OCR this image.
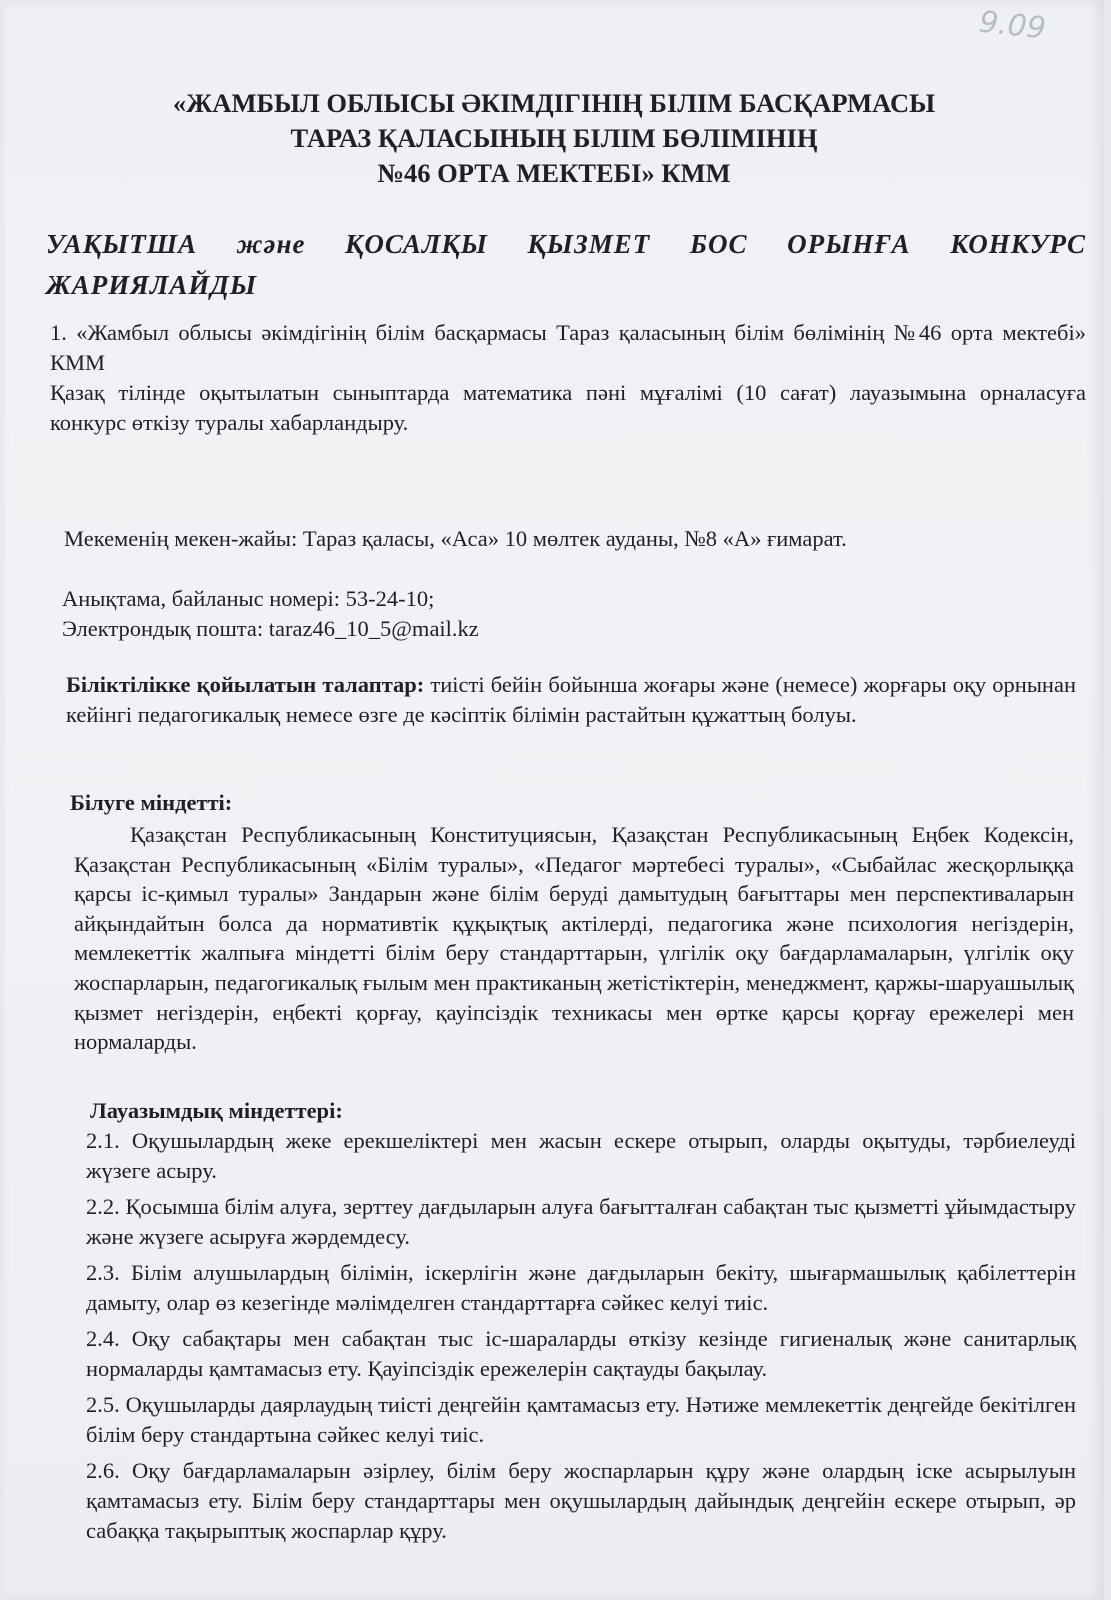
9.09
«ЖАМБЫЛ ОБЛЫСЫ ӘКІМДІГІНІҢ БІЛІМ БАСҚАРМАСЫ
ТАРАЗ ҚАЛАСЫНЫҢ БІЛІМ БӨЛІМІНІҢ
№46 ОРТА МЕКТЕБІ» КММ
УАҚЫТША және ҚОСАЛҚЫ ҚЫЗМЕТ БОС ОРЫНҒА КОНКУРС
ЖАРИЯЛАЙДЫ
1. «Жамбыл облысы әкімдігінің білім басқармасы Тараз қаласының білім бөлімінің №46 орта мектебі» КММ
Қазақ тілінде оқытылатын сыныптарда математика пәні мұғалімі (10 сағат) лауазымына орналасуға конкурс өткізу туралы хабарландыру.
Мекеменің мекен-жайы: Тараз қаласы, «Аса» 10 мөлтек ауданы, №8 «А» ғимарат.
Анықтама, байланыс номері: 53-24-10;
Электрондық пошта: taraz46_10_5@mail.kz
Біліктілікке қойылатын талаптар: тиісті бейін бойынша жоғары және (немесе) жорғары оқу орнынан кейінгі педагогикалық немесе өзге де кәсіптік білімін растайтын құжаттың болуы.
Білуге міндетті:
Қазақстан Республикасының Конституциясын, Қазақстан Республикасының Еңбек Кодексін, Қазақстан Республикасының «Білім туралы», «Педагог мәртебесі туралы», «Сыбайлас жесқорлыққа қарсы іс-қимыл туралы» Зандарын және білім беруді дамытудың бағыттары мен перспективаларын айқындайтын болса да нормативтік құқықтық актілерді, педагогика және психология негіздерін, мемлекеттік жалпыға міндетті білім беру стандарттарын, үлгілік оқу бағдарламаларын, үлгілік оқу жоспарларын, педагогикалық ғылым мен практиканың жетістіктерін, менеджмент, қаржы-шаруашылық қызмет негіздерін, еңбекті қорғау, қауіпсіздік техникасы мен өртке қарсы қорғау ережелері мен нормаларды.
Лауазымдық міндеттері:

2.1. Оқушылардың жеке ерекшеліктері мен жасын ескере отырып, оларды оқытуды, тәрбиелеуді жүзеге асыру.

2.2. Қосымша білім алуға, зерттеу дағдыларын алуға бағытталған сабақтан тыс қызметті ұйымдастыру және жүзеге асыруға жәрдемдесу.

2.3. Білім алушылардың білімін, іскерлігін және дағдыларын бекіту, шығармашылық қабілеттерін дамыту, олар өз кезегінде мәлімделген стандарттарға сәйкес келуі тиіс.

2.4. Оқу сабақтары мен сабақтан тыс іс-шараларды өткізу кезінде гигиеналық және санитарлық нормаларды қамтамасыз ету. Қауіпсіздік ережелерін сақтауды бақылау.

2.5. Оқушыларды даярлаудың тиісті деңгейін қамтамасыз ету. Нәтиже мемлекеттік деңгейде бекітілген білім беру стандартына сәйкес келуі тиіс.

2.6. Оқу бағдарламаларын әзірлеу, білім беру жоспарларын құру және олардың іске асырылуын қамтамасыз ету. Білім беру стандарттары мен оқушылардың дайындық деңгейін ескере отырып, әр сабаққа тақырыптық жоспарлар құру.
